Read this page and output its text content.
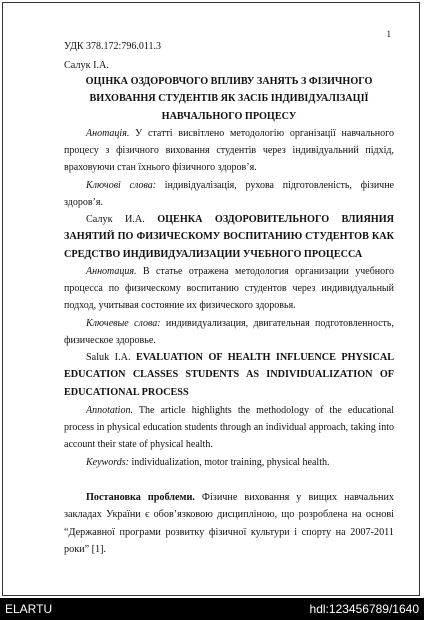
1
УДК 378.172:796.011.3
Салук І.А.
ОЦІНКА ОЗДОРОВЧОГО ВПЛИВУ ЗАНЯТЬ З ФІЗИЧНОГО ВИХОВАННЯ СТУДЕНТІВ ЯК ЗАСІБ ІНДИВІДУАЛІЗАЦІЇ НАВЧАЛЬНОГО ПРОЦЕСУ
Анотація. У статті висвітлено методологію організації навчального процесу з фізичного виховання студентів через індивідуальний підхід, враховуючи стан їхнього фізичного здоров’я.
Ключові слова: індивідуалізація, рухова підготовленість, фізичне здоров’я.
Салук И.А. ОЦЕНКА ОЗДОРОВИТЕЛЬНОГО ВЛИЯНИЯ ЗАНЯТИЙ ПО ФИЗИЧЕСКОМУ ВОСПИТАНИЮ СТУДЕНТОВ КАК СРЕДСТВО ИНДИВИДУАЛИЗАЦИИ УЧЕБНОГО ПРОЦЕССА
Аннотация. В статье отражена методология организации учебного процесса по физическому воспитанию студентов через индивидуальный подход, учитывая состояние их физического здоровья.
Ключевые слова: индивидуализация, двигательная подготовленность, физическое здоровье.
Saluk I.A. EVALUATION OF HEALTH INFLUENCE PHYSICAL EDUCATION CLASSES STUDENTS AS INDIVIDUALIZATION OF EDUCATIONAL PROCESS
Annotation. The article highlights the methodology of the educational process in physical education students through an individual approach, taking into account their state of physical health.
Keywords: individualization, motor training, physical health.
Постановка проблеми. Фізичне виховання у вищих навчальних закладах України є обов’язковою дисципліною, що розроблена на основі “Державної програми розвитку фізичної культури і спорту на 2007-2011 роки” [1].
ELARTU	hdl:123456789/1640
